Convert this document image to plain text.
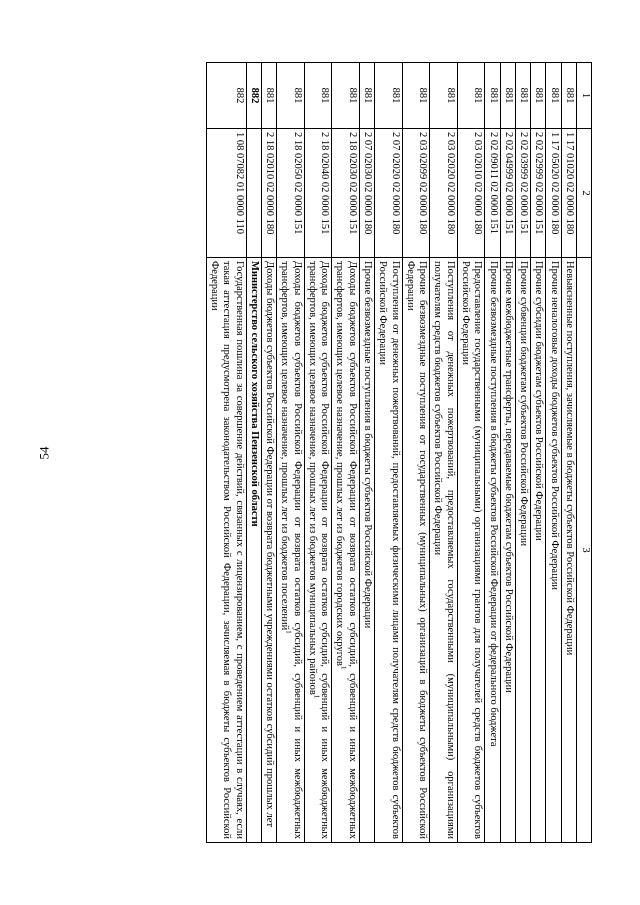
54
1	2	3
881	1 17 01020 02 0000 180	Невыясненные поступления, зачисляемые в бюджеты субъектов Российской Федерации
881	1 17 05020 02 0000 180	Прочие неналоговые доходы бюджетов субъектов Российской Федерации
881	2 02 02999 02 0000 151	Прочие субсидии бюджетам субъектов Российской Федерации
881	2 02 03999 02 0000 151	Прочие субвенции бюджетам субъектов Российской Федерации
881	2 02 04999 02 0000 151	Прочие межбюджетные трансферты, передаваемые бюджетам субъектов Российской Федерации
881	2 02 09011 02 0000 151	Прочие безвозмездные поступления в бюджеты субъектов Российской Федерации от федерального бюджета
881	2 03 02010 02 0000 180	Предоставление государственными (муниципальными) организациями грантов для получателей средств бюджетов субъектов Российской Федерации
881	2 03 02020 02 0000 180	Поступления от денежных пожертвований, предоставляемых государственными (муниципальными) организациями получателям средств бюджетов субъектов Российской Федерации
881	2 03 02099 02 0000 180	Прочие безвозмездные поступления от государственных (муниципальных) организаций в бюджеты субъектов Российской Федерации
881	2 07 02020 02 0000 180	Поступления от денежных пожертвований, предоставляемых физическими лицами получателям средств бюджетов субъектов Российской Федерации
881	2 07 02030 02 0000 180	Прочие безвозмездные поступления в бюджеты субъектов Российской Федерации
881	2 18 02030 02 0000 151	Доходы бюджетов субъектов Российской Федерации от возврата остатков субсидий, субвенций и иных межбюджетных трансфертов, имеющих целевое назначение, прошлых лет из бюджетов городских округов$^1$
881	2 18 02040 02 0000 151	Доходы бюджетов субъектов Российской Федерации от возврата остатков субсидий, субвенций и иных межбюджетных трансфертов, имеющих целевое назначение, прошлых лет из бюджетов муниципальных районов$^1$
881	2 18 02050 02 0000 151	Доходы бюджетов субъектов Российской Федерации от возврата остатков субсидий, субвенций и иных межбюджетных трансфертов, имеющих целевое назначение, прошлых лет из бюджетов поселений$^1$
881	2 18 02010 02 0000 180	Доходы бюджетов субъектов Российской Федерации от возврата бюджетными учреждениями остатков субсидий прошлых лет
882		Министерство сельского хозяйства Пензенской области
882	1 08 07082 01 0000 110	Государственная пошлина за совершение действий, связанных с лицензированием, с проведением аттестации в случаях, если такая аттестация предусмотрена законодательством Российской Федерации, зачисляемая в бюджеты субъектов Российской Федерации
